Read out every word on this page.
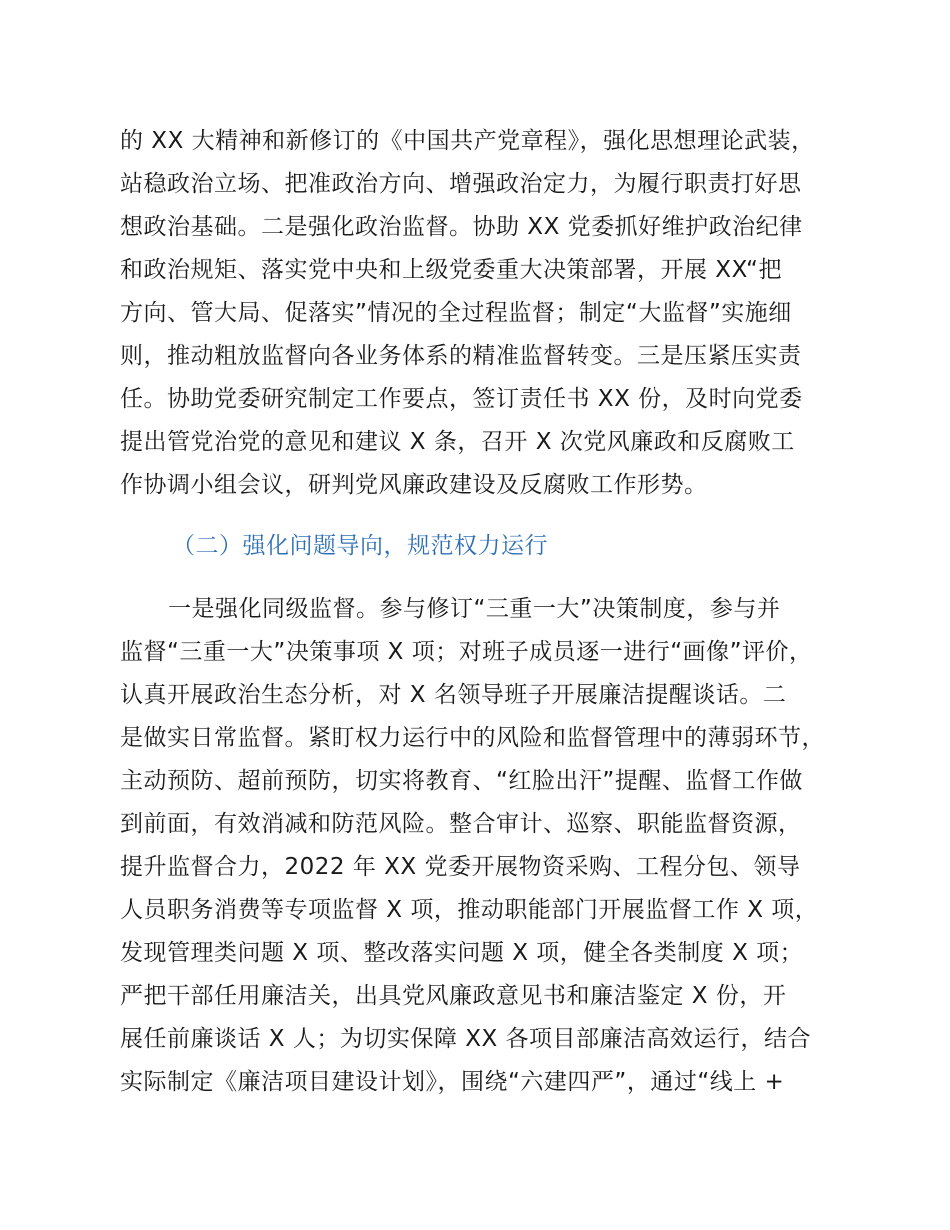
的 XX 大精神和新修订的《中国共产党章程》，强化思想理论武装，
站稳政治立场、把准政治方向、增强政治定力，为履行职责打好思
想政治基础。二是强化政治监督。协助 XX 党委抓好维护政治纪律
和政治规矩、落实党中央和上级党委重大决策部署，开展 XX“把
方向、管大局、促落实”情况的全过程监督；制定“大监督”实施细
则，推动粗放监督向各业务体系的精准监督转变。三是压紧压实责
任。协助党委研究制定工作要点，签订责任书 XX 份，及时向党委
提出管党治党的意见和建议 X 条，召开 X 次党风廉政和反腐败工
作协调小组会议，研判党风廉政建设及反腐败工作形势。
（二）强化问题导向，规范权力运行
一是强化同级监督。参与修订“三重一大”决策制度，参与并
监督“三重一大”决策事项 X 项；对班子成员逐一进行“画像”评价，
认真开展政治生态分析，对 X 名领导班子开展廉洁提醒谈话。二
是做实日常监督。紧盯权力运行中的风险和监督管理中的薄弱环节，
主动预防、超前预防，切实将教育、“红脸出汗”提醒、监督工作做
到前面，有效消减和防范风险。整合审计、巡察、职能监督资源，
提升监督合力，2022 年 XX 党委开展物资采购、工程分包、领导
人员职务消费等专项监督 X 项，推动职能部门开展监督工作 X 项，
发现管理类问题 X 项、整改落实问题 X 项，健全各类制度 X 项；
严把干部任用廉洁关，出具党风廉政意见书和廉洁鉴定 X 份，开
展任前廉谈话 X 人；为切实保障 XX 各项目部廉洁高效运行，结合
实际制定《廉洁项目建设计划》，围绕“六建四严”，通过“线上 +
